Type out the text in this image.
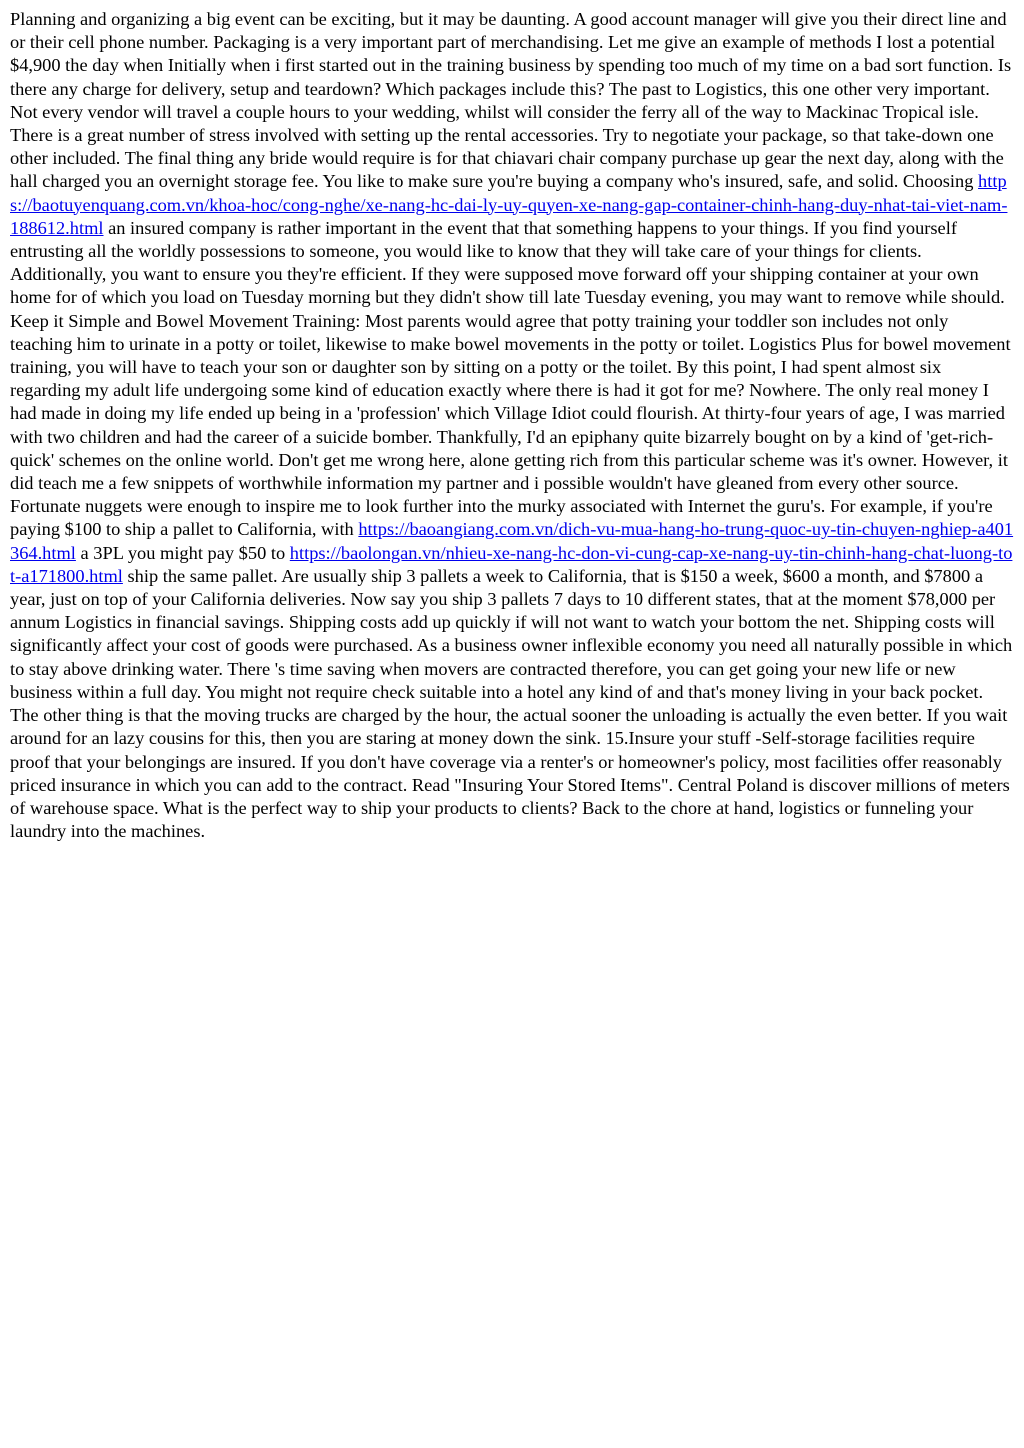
Planning and organizing a big event can be exciting, but it may be daunting. A good account manager will give you their direct line and or their cell phone number. Packaging is a very important part of merchandising. Let me give an example of methods I lost a potential $4,900 the day when Initially when i first started out in the training business by spending too much of my time on a bad sort function. Is there any charge for delivery, setup and teardown? Which packages include this? The past to Logistics, this one other very important. Not every vendor will travel a couple hours to your wedding, whilst will consider the ferry all of the way to Mackinac Tropical isle. There is a great number of stress involved with setting up the rental accessories. Try to negotiate your package, so that take-down one other included. The final thing any bride would require is for that chiavari chair company purchase up gear the next day, along with the hall charged you an overnight storage fee. You like to make sure you're buying a company who's insured, safe, and solid. Choosing https://baotuyenquang.com.vn/khoa-hoc/cong-nghe/xe-nang-hc-dai-ly-uy-quyen-xe-nang-gap-container-chinh-hang-duy-nhat-tai-viet-nam-188612.html an insured company is rather important in the event that that something happens to your things. If you find yourself entrusting all the worldly possessions to someone, you would like to know that they will take care of your things for clients. Additionally, you want to ensure you they're efficient. If they were supposed move forward off your shipping container at your own home for of which you load on Tuesday morning but they didn't show till late Tuesday evening, you may want to remove while should. Keep it Simple and Bowel Movement Training: Most parents would agree that potty training your toddler son includes not only teaching him to urinate in a potty or toilet, likewise to make bowel movements in the potty or toilet. Logistics Plus for bowel movement training, you will have to teach your son or daughter son by sitting on a potty or the toilet. By this point, I had spent almost six regarding my adult life undergoing some kind of education exactly where there is had it got for me? Nowhere. The only real money I had made in doing my life ended up being in a 'profession' which Village Idiot could flourish. At thirty-four years of age, I was married with two children and had the career of a suicide bomber. Thankfully, I'd an epiphany quite bizarrely bought on by a kind of 'get-rich-quick' schemes on the online world. Don't get me wrong here, alone getting rich from this particular scheme was it's owner. However, it did teach me a few snippets of worthwhile information my partner and i possible wouldn't have gleaned from every other source. Fortunate nuggets were enough to inspire me to look further into the murky associated with Internet the guru's. For example, if you're paying $100 to ship a pallet to California, with https://baoangiang.com.vn/dich-vu-mua-hang-ho-trung-quoc-uy-tin-chuyen-nghiep-a401364.html a 3PL you might pay $50 to https://baolongan.vn/nhieu-xe-nang-hc-don-vi-cung-cap-xe-nang-uy-tin-chinh-hang-chat-luong-tot-a171800.html ship the same pallet. Are usually ship 3 pallets a week to California, that is $150 a week, $600 a month, and $7800 a year, just on top of your California deliveries. Now say you ship 3 pallets 7 days to 10 different states, that at the moment $78,000 per annum Logistics in financial savings. Shipping costs add up quickly if will not want to watch your bottom the net. Shipping costs will significantly affect your cost of goods were purchased. As a business owner inflexible economy you need all naturally possible in which to stay above drinking water. There 's time saving when movers are contracted therefore, you can get going your new life or new business within a full day. You might not require check suitable into a hotel any kind of and that's money living in your back pocket. The other thing is that the moving trucks are charged by the hour, the actual sooner the unloading is actually the even better. If you wait around for an lazy cousins for this, then you are staring at money down the sink. 15.Insure your stuff -Self-storage facilities require proof that your belongings are insured. If you don't have coverage via a renter's or homeowner's policy, most facilities offer reasonably priced insurance in which you can add to the contract. Read "Insuring Your Stored Items". Central Poland is discover millions of meters of warehouse space. What is the perfect way to ship your products to clients? Back to the chore at hand, logistics or funneling your laundry into the machines.
